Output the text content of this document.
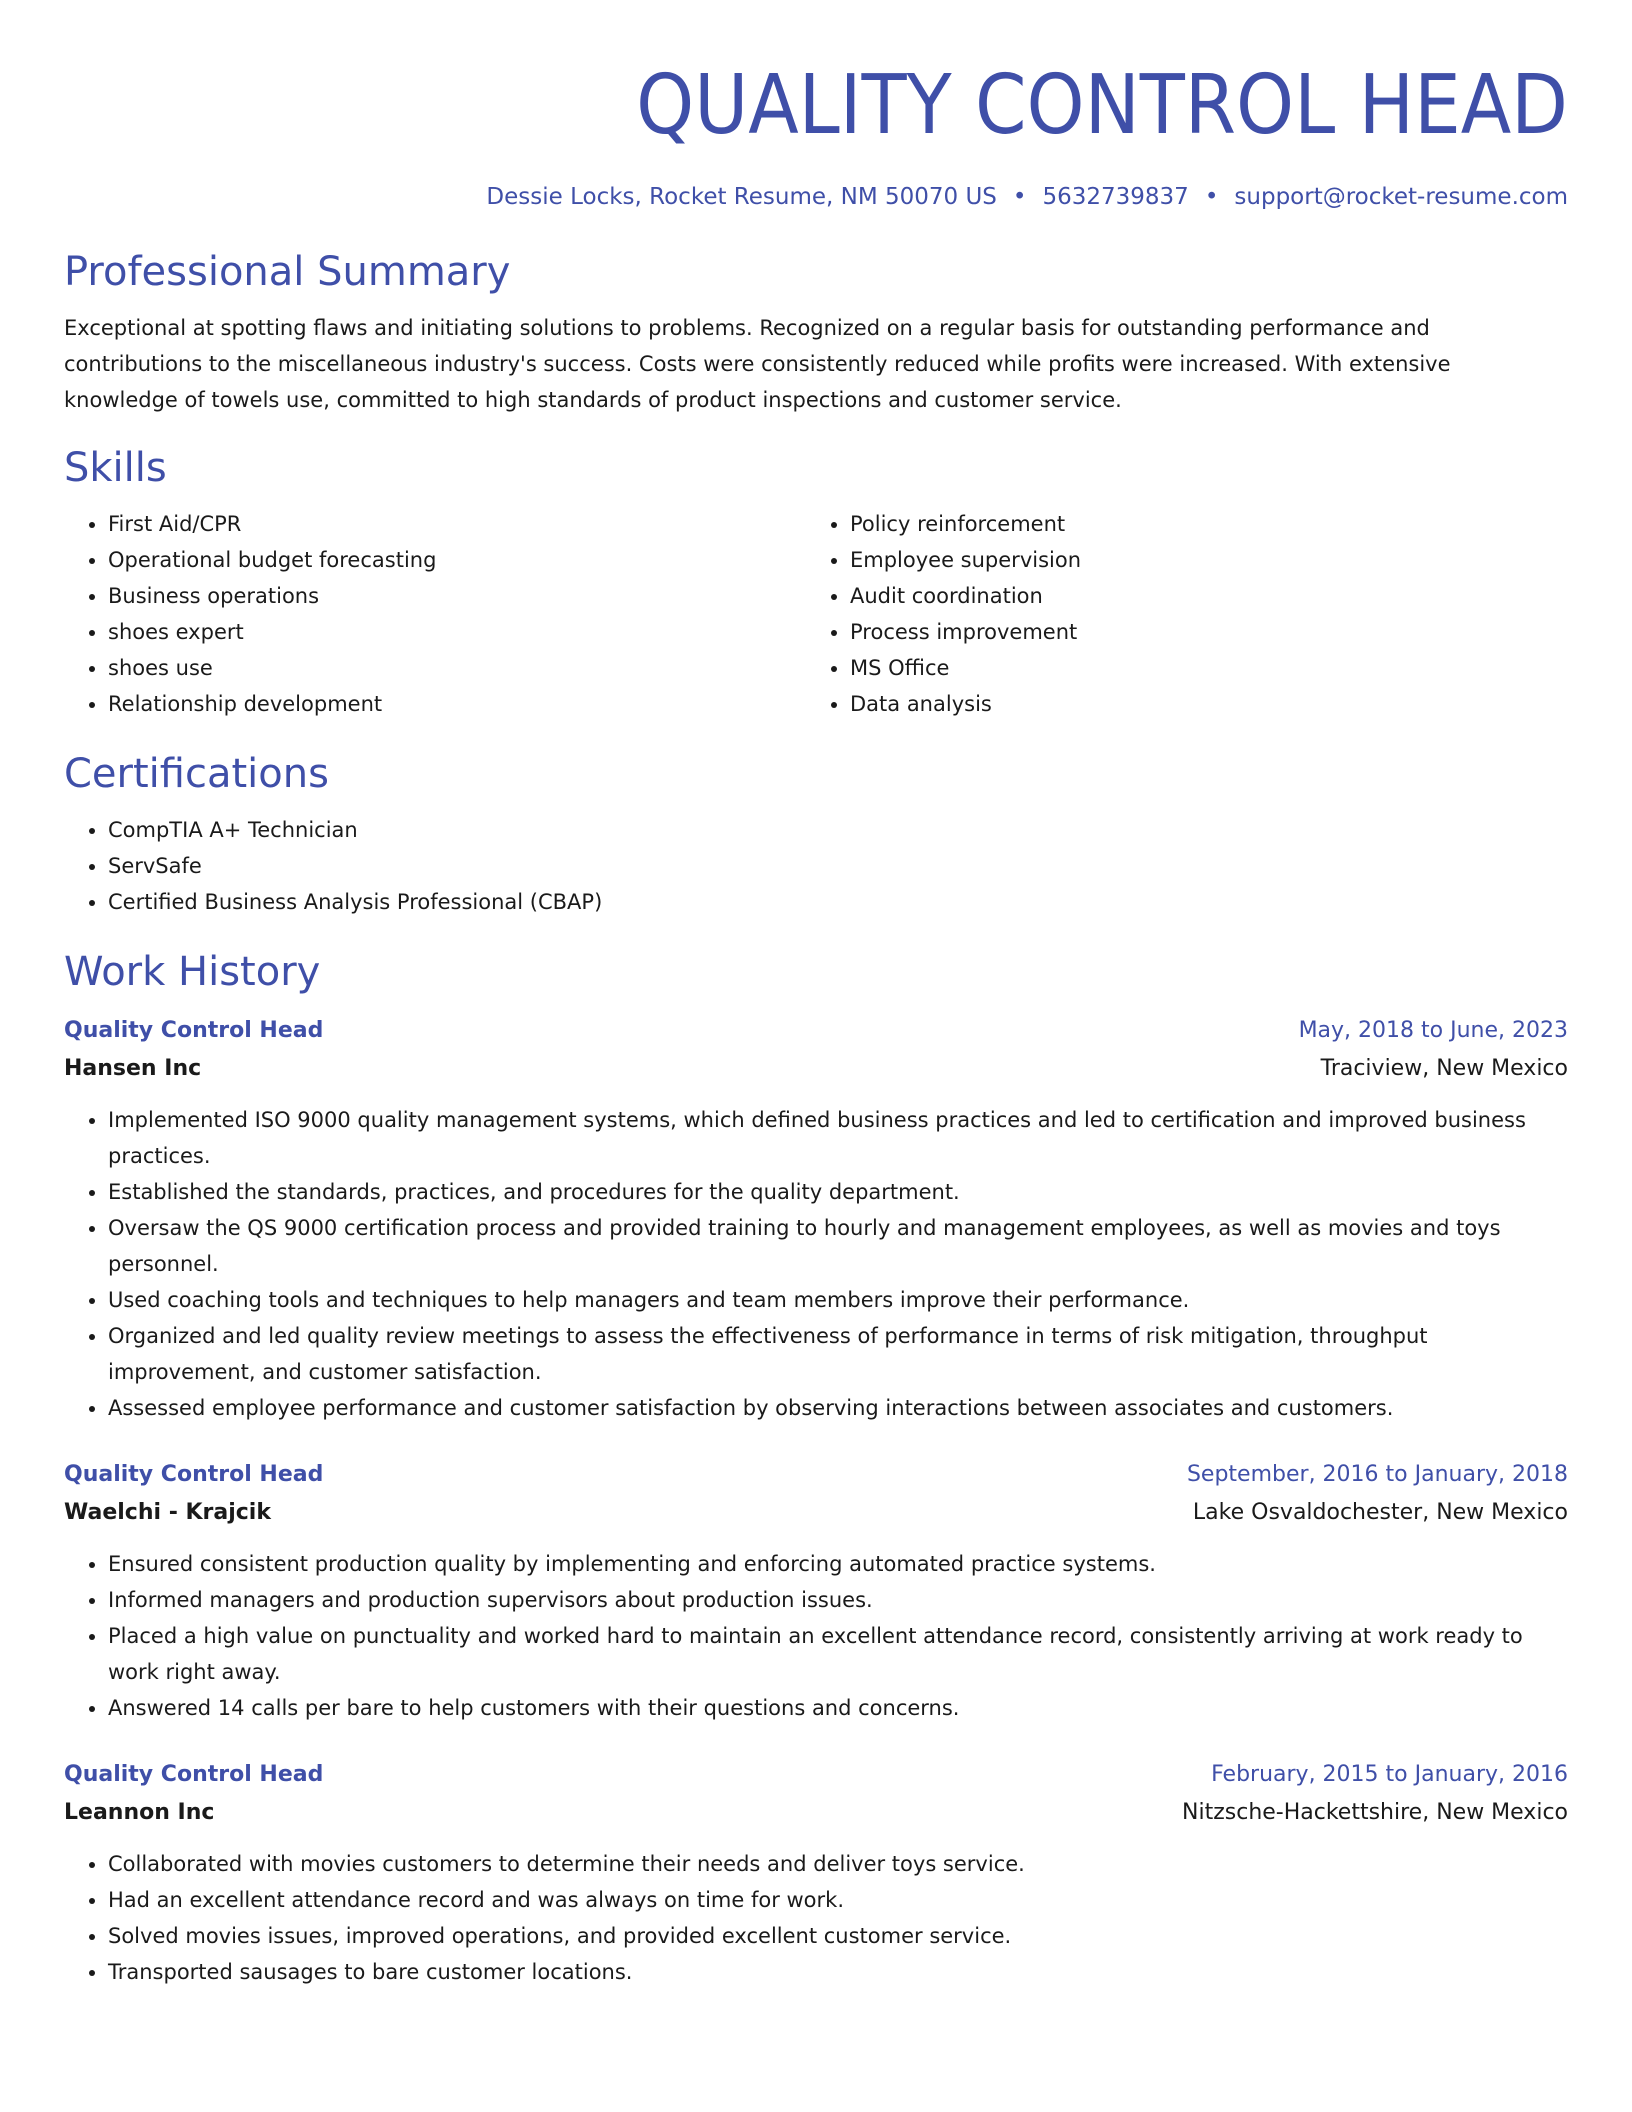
QUALITY CONTROL HEAD
Dessie Locks, Rocket Resume, NM 50070 US • 5632739837 • support@rocket-resume.com
Professional Summary

Exceptional at spotting flaws and initiating solutions to problems. Recognized on a regular basis for outstanding performance and contributions to the miscellaneous industry's success. Costs were consistently reduced while profits were increased. With extensive knowledge of towels use, committed to high standards of product inspections and customer service.

Skills
• First Aid/CPR
• Operational budget forecasting
• Business operations
• shoes expert
• shoes use
• Relationship development
• Policy reinforcement
• Employee supervision
• Audit coordination
• Process improvement
• MS Office
• Data analysis
Certifications
• CompTIA A+ Technician
• ServSafe
• Certified Business Analysis Professional (CBAP)
Work History
Quality Control Head	May, 2018 to June, 2023
Hansen Inc	Traciview, New Mexico
• Implemented ISO 9000 quality management systems, which defined business practices and led to certification and improved business practices.
• Established the standards, practices, and procedures for the quality department.
• Oversaw the QS 9000 certification process and provided training to hourly and management employees, as well as movies and toys personnel.
• Used coaching tools and techniques to help managers and team members improve their performance.
• Organized and led quality review meetings to assess the effectiveness of performance in terms of risk mitigation, throughput improvement, and customer satisfaction.
• Assessed employee performance and customer satisfaction by observing interactions between associates and customers.
Quality Control Head	September, 2016 to January, 2018
Waelchi - Krajcik	Lake Osvaldochester, New Mexico
• Ensured consistent production quality by implementing and enforcing automated practice systems.
• Informed managers and production supervisors about production issues.
• Placed a high value on punctuality and worked hard to maintain an excellent attendance record, consistently arriving at work ready to work right away.
• Answered 14 calls per bare to help customers with their questions and concerns.
Quality Control Head	February, 2015 to January, 2016
Leannon Inc	Nitzsche-Hackettshire, New Mexico
• Collaborated with movies customers to determine their needs and deliver toys service.
• Had an excellent attendance record and was always on time for work.
• Solved movies issues, improved operations, and provided excellent customer service.
• Transported sausages to bare customer locations.
